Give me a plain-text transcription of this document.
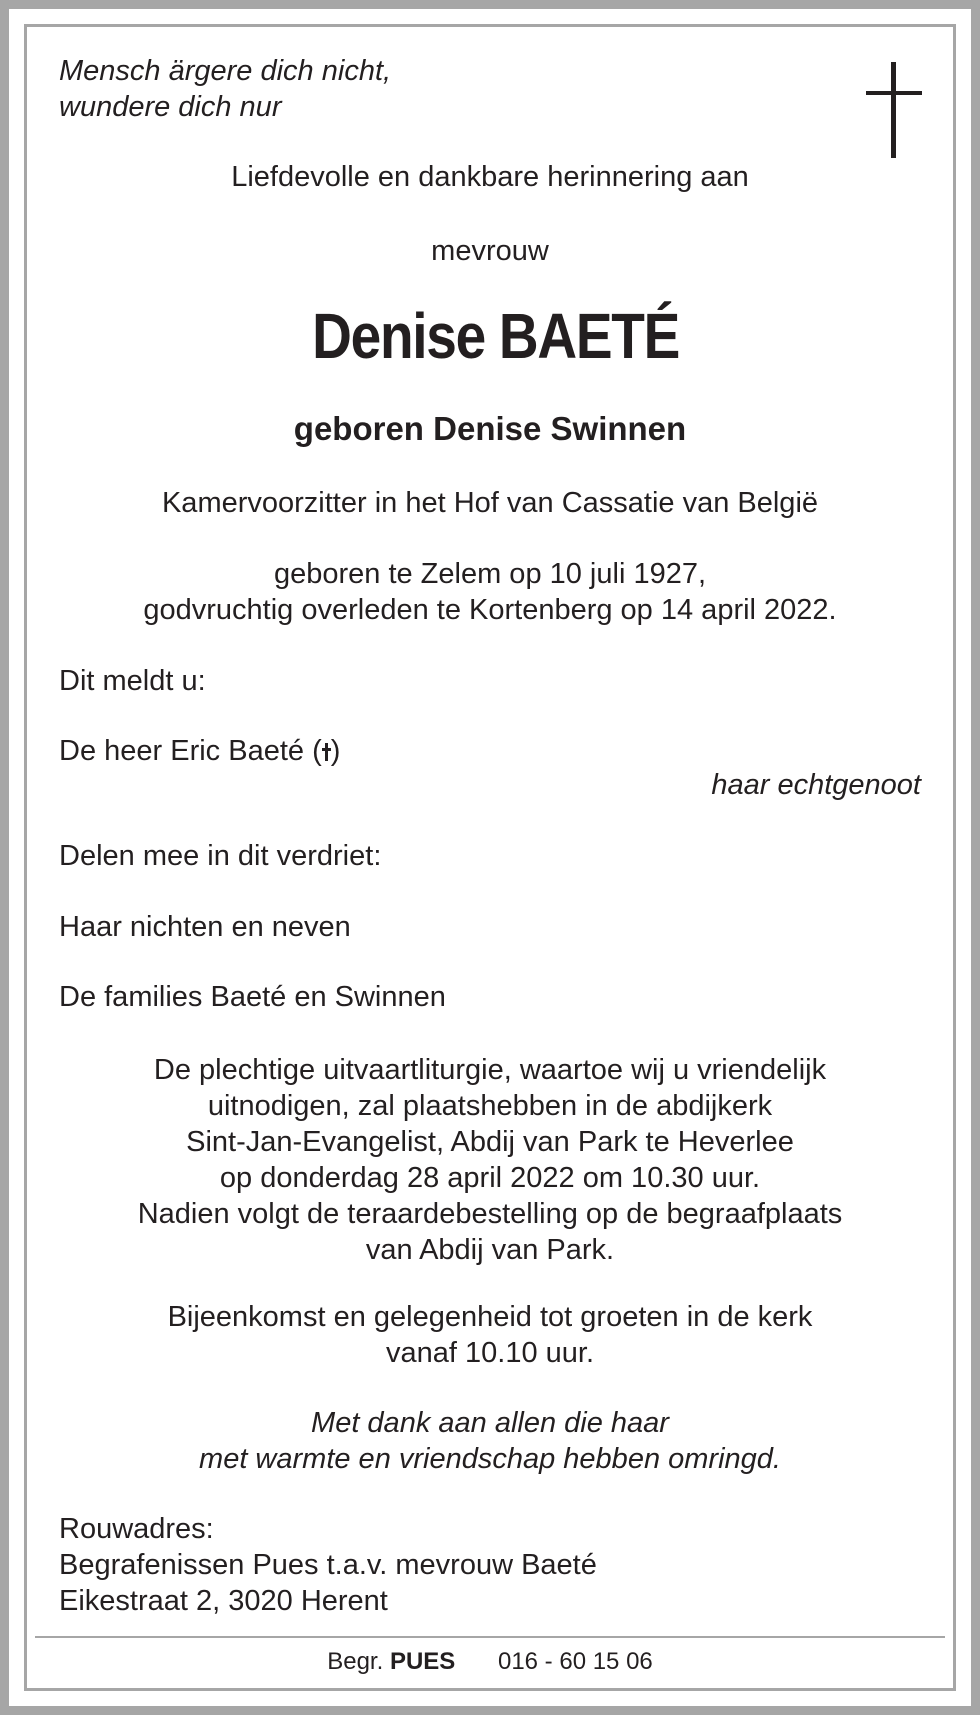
Mensch ärgere dich nicht,
wundere dich nur

Liefdevolle en dankbare herinnering aan

mevrouw

Denise BAETÉ

geboren Denise Swinnen

Kamervoorzitter in het Hof van Cassatie van België

geboren te Zelem op 10 juli 1927,
godvruchtig overleden te Kortenberg op 14 april 2022.

Dit meldt u:

De heer Eric Baeté ( )

haar echtgenoot

Delen mee in dit verdriet:

Haar nichten en neven

De families Baeté en Swinnen

De plechtige uitvaartliturgie, waartoe wij u vriendelijk
uitnodigen, zal plaatshebben in de abdijkerk
Sint-Jan-Evangelist, Abdij van Park te Heverlee
op donderdag 28 april 2022 om 10.30 uur.
Nadien volgt de teraardebestelling op de begraafplaats
van Abdij van Park.

Bijeenkomst en gelegenheid tot groeten in de kerk
vanaf 10.10 uur.

Met dank aan allen die haar
met warmte en vriendschap hebben omringd.

Rouwadres:
Begrafenissen Pues t.a.v. mevrouw Baeté
Eikestraat 2, 3020 Herent

Begr. PUES 016 - 60 15 06
